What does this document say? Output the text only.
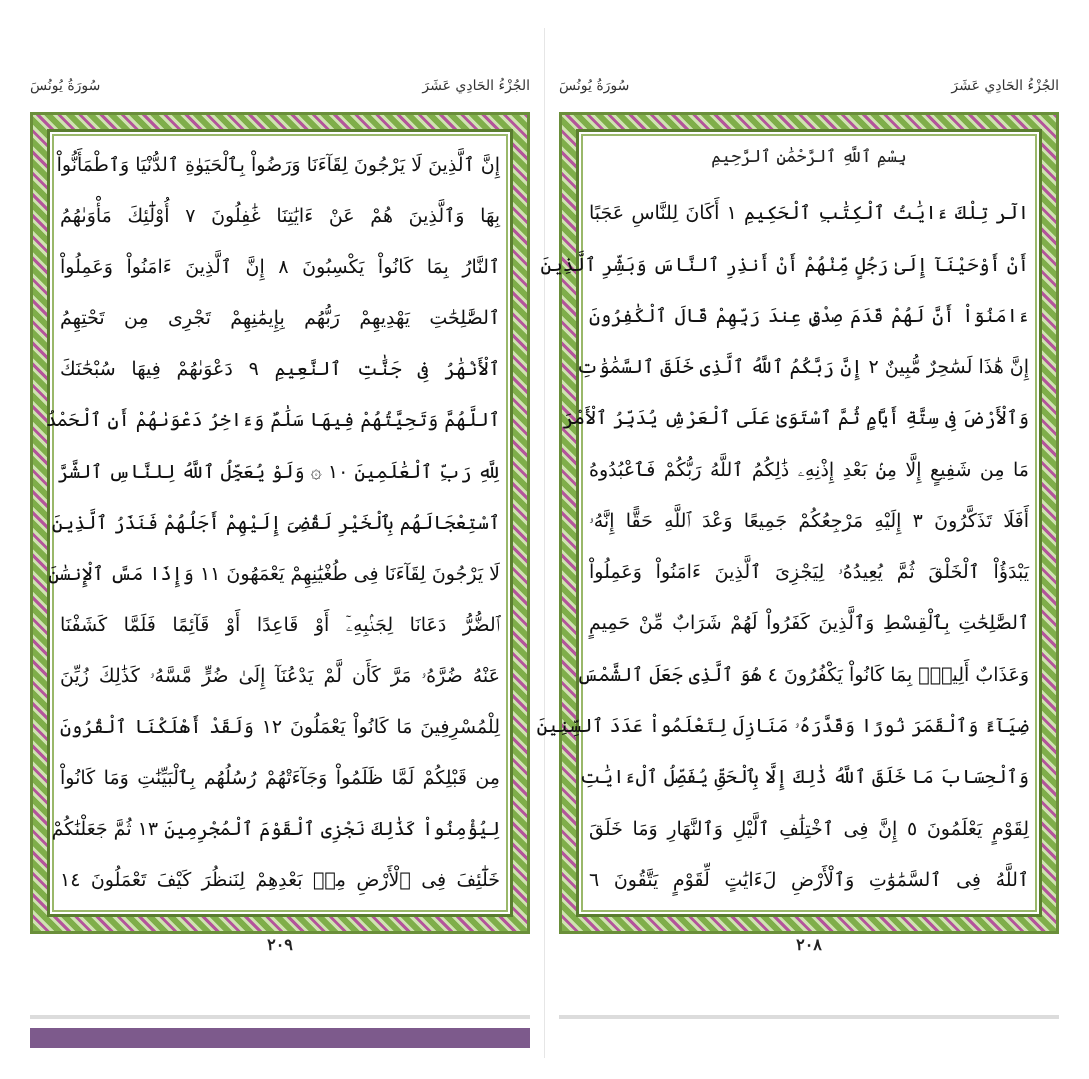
سُورَةُ يُونُسَ	الجُزْءُ الحَادِي عَشَرَ
إِنَّ ٱلَّذِينَ لَا يَرْجُونَ لِقَآءَنَا وَرَضُواْ بِٱلْحَيَوٰةِ ٱلدُّنْيَا وَٱطْمَأَنُّواْ
بِهَا وَٱلَّذِينَ هُمْ عَنْ ءَايَٰتِنَا غَٰفِلُونَ ٧ أُوْلَٰٓئِكَ مَأْوَىٰهُمُ
ٱلنَّارُ بِمَا كَانُواْ يَكْسِبُونَ ٨ إِنَّ ٱلَّذِينَ ءَامَنُواْ وَعَمِلُواْ
ٱلصَّٰلِحَٰتِ يَهْدِيهِمْ رَبُّهُم بِإِيمَٰنِهِمْ تَجْرِى مِن تَحْتِهِمُ
ٱلْأَنْهَٰرُ فِى جَنَّٰتِ ٱلنَّعِيمِ ٩ دَعْوَىٰهُمْ فِيهَا سُبْحَٰنَكَ
ٱللَّهُمَّ وَتَحِيَّتُهُمْ فِيهَا سَلَٰمٌ وَءَاخِرُ دَعْوَىٰهُمْ أَنِ ٱلْحَمْدُ
لِلَّهِ رَبِّ ٱلْعَٰلَمِينَ ١٠ ۞ وَلَوْ يُعَجِّلُ ٱللَّهُ لِلنَّاسِ ٱلشَّرَّ
ٱسْتِعْجَالَهُم بِٱلْخَيْرِ لَقُضِىَ إِلَيْهِمْ أَجَلُهُمْ فَنَذَرُ ٱلَّذِينَ
لَا يَرْجُونَ لِقَآءَنَا فِى طُغْيَٰنِهِمْ يَعْمَهُونَ ١١ وَإِذَا مَسَّ ٱلْإِنسَٰنَ
ٱلضُّرُّ دَعَانَا لِجَنۢبِهِۦٓ أَوْ قَاعِدًا أَوْ قَآئِمًا فَلَمَّا كَشَفْنَا
عَنْهُ ضُرَّهُۥ مَرَّ كَأَن لَّمْ يَدْعُنَآ إِلَىٰ ضُرٍّ مَّسَّهُۥ كَذَٰلِكَ زُيِّنَ
لِلْمُسْرِفِينَ مَا كَانُواْ يَعْمَلُونَ ١٢ وَلَقَدْ أَهْلَكْنَا ٱلْقُرُونَ
مِن قَبْلِكُمْ لَمَّا ظَلَمُواْ وَجَآءَتْهُمْ رُسُلُهُم بِٱلْبَيِّنَٰتِ وَمَا كَانُواْ
لِيُؤْمِنُواْ كَذَٰلِكَ نَجْزِى ٱلْقَوْمَ ٱلْمُجْرِمِينَ ١٣ ثُمَّ جَعَلْنَٰكُمْ
خَلَٰٓئِفَ فِى ٱلْأَرْضِ مِنۢ بَعْدِهِمْ لِنَنظُرَ كَيْفَ تَعْمَلُونَ ١٤
٢٠٩
سُورَةُ يُونُسَ	الجُزْءُ الحَادِي عَشَرَ
بِسْمِ ٱللَّهِ ٱلرَّحْمَٰنِ ٱلرَّحِيمِ
الٓر تِلْكَ ءَايَٰتُ ٱلْكِتَٰبِ ٱلْحَكِيمِ ١ أَكَانَ لِلنَّاسِ عَجَبًا
أَنْ أَوْحَيْنَآ إِلَىٰ رَجُلٍ مِّنْهُمْ أَنْ أَنذِرِ ٱلنَّاسَ وَبَشِّرِ ٱلَّذِينَ
ءَامَنُوٓاْ أَنَّ لَهُمْ قَدَمَ صِدْقٍ عِندَ رَبِّهِمْ قَالَ ٱلْكَٰفِرُونَ
إِنَّ هَٰذَا لَسَٰحِرٌ مُّبِينٌ ٢ إِنَّ رَبَّكُمُ ٱللَّهُ ٱلَّذِى خَلَقَ ٱلسَّمَٰوَٰتِ
وَٱلْأَرْضَ فِى سِتَّةِ أَيَّامٍ ثُمَّ ٱسْتَوَىٰ عَلَى ٱلْعَرْشِ يُدَبِّرُ ٱلْأَمْرَ
مَا مِن شَفِيعٍ إِلَّا مِنۢ بَعْدِ إِذْنِهِۦ ذَٰلِكُمُ ٱللَّهُ رَبُّكُمْ فَٱعْبُدُوهُ
أَفَلَا تَذَكَّرُونَ ٣ إِلَيْهِ مَرْجِعُكُمْ جَمِيعًا وَعْدَ ٱللَّهِ حَقًّا إِنَّهُۥ
يَبْدَؤُاْ ٱلْخَلْقَ ثُمَّ يُعِيدُهُۥ لِيَجْزِىَ ٱلَّذِينَ ءَامَنُواْ وَعَمِلُواْ
ٱلصَّٰلِحَٰتِ بِٱلْقِسْطِ وَٱلَّذِينَ كَفَرُواْ لَهُمْ شَرَابٌ مِّنْ حَمِيمٍ
وَعَذَابٌ أَلِيمٌۢ بِمَا كَانُواْ يَكْفُرُونَ ٤ هُوَ ٱلَّذِى جَعَلَ ٱلشَّمْسَ
ضِيَآءً وَٱلْقَمَرَ نُورًا وَقَدَّرَهُۥ مَنَازِلَ لِتَعْلَمُواْ عَدَدَ ٱلسِّنِينَ
وَٱلْحِسَابَ مَا خَلَقَ ٱللَّهُ ذَٰلِكَ إِلَّا بِٱلْحَقِّ يُفَصِّلُ ٱلْءَايَٰتِ
لِقَوْمٍ يَعْلَمُونَ ٥ إِنَّ فِى ٱخْتِلَٰفِ ٱلَّيْلِ وَٱلنَّهَارِ وَمَا خَلَقَ
ٱللَّهُ فِى ٱلسَّمَٰوَٰتِ وَٱلْأَرْضِ لَءَايَٰتٍ لِّقَوْمٍ يَتَّقُونَ ٦
٢٠٨
